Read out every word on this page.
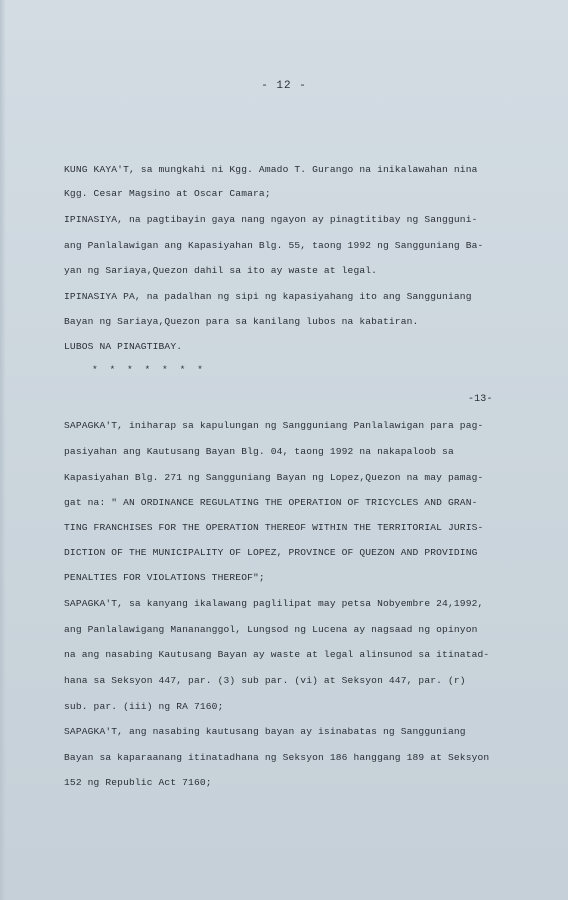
- 12 -
KUNG KAYA'T, sa mungkahi ni Kgg. Amado T. Gurango na inikalawahan nina
Kgg. Cesar Magsino at Oscar Camara;
IPINASIYA, na pagtibayin gaya nang ngayon ay pinagtitibay ng Sangguni-
ang Panlalawigan ang Kapasiyahan Blg. 55, taong 1992 ng Sangguniang Ba-
yan ng Sariaya,Quezon dahil sa ito ay waste at legal.
IPINASIYA PA, na padalhan ng sipi ng kapasiyahang ito ang Sangguniang
Bayan ng Sariaya,Quezon para sa kanilang lubos na kabatiran.
LUBOS NA PINAGTIBAY.
* * * * * * *
-13-
SAPAGKA'T, iniharap sa kapulungan ng Sangguniang Panlalawigan para pag-
pasiyahan ang Kautusang Bayan Blg. 04, taong 1992 na nakapaloob sa
Kapasiyahan Blg. 271 ng Sangguniang Bayan ng Lopez,Quezon na may pamag-
gat na: " AN ORDINANCE REGULATING THE OPERATION OF TRICYCLES AND GRAN-
TING FRANCHISES FOR THE OPERATION THEREOF WITHIN THE TERRITORIAL JURIS-
DICTION OF THE MUNICIPALITY OF LOPEZ, PROVINCE OF QUEZON AND PROVIDING
PENALTIES FOR VIOLATIONS THEREOF";
SAPAGKA'T, sa kanyang ikalawang paglilipat may petsa Nobyembre 24,1992,
ang Panlalawigang Manananggol, Lungsod ng Lucena ay nagsaad ng opinyon
na ang nasabing Kautusang Bayan ay waste at legal alinsunod sa itinatad-
hana sa Seksyon 447, par. (3) sub par. (vi) at Seksyon 447, par. (r)
sub. par. (iii) ng RA 7160;
SAPAGKA'T, ang nasabing kautusang bayan ay isinabatas ng Sangguniang
Bayan sa kaparaanang itinatadhana ng Seksyon 186 hanggang 189 at Seksyon
152 ng Republic Act 7160;
